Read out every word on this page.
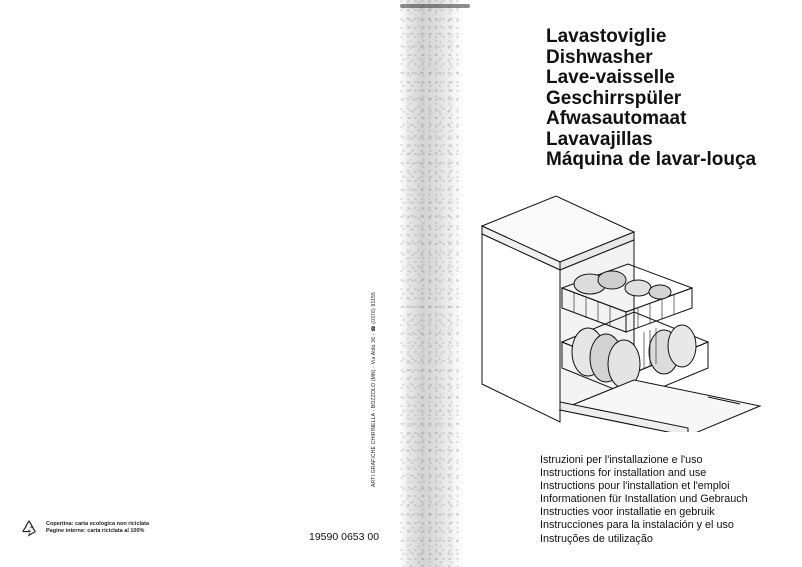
ARTI GRAFICHE CHIRINELLA - BOZZOLO (MN) - Via Aldo 36 - ☎ (0376) 91155
Copertina: carta ecologica non riciclata
Pagine interne: carta riciclata al 100%	19590 0653 00
Lavastoviglie
Dishwasher
Lave-vaisselle
Geschirrspüler
Afwasautomaat
Lavavajillas
Máquina de lavar-louça
Istruzioni per l'installazione e l'uso
Instructions for installation and use
Instructions pour l'installation et l'emploi
Informationen für Installation und Gebrauch
Instructies voor installatie en gebruik
Instrucciones para la instalación y el uso
Instruções de utilização
